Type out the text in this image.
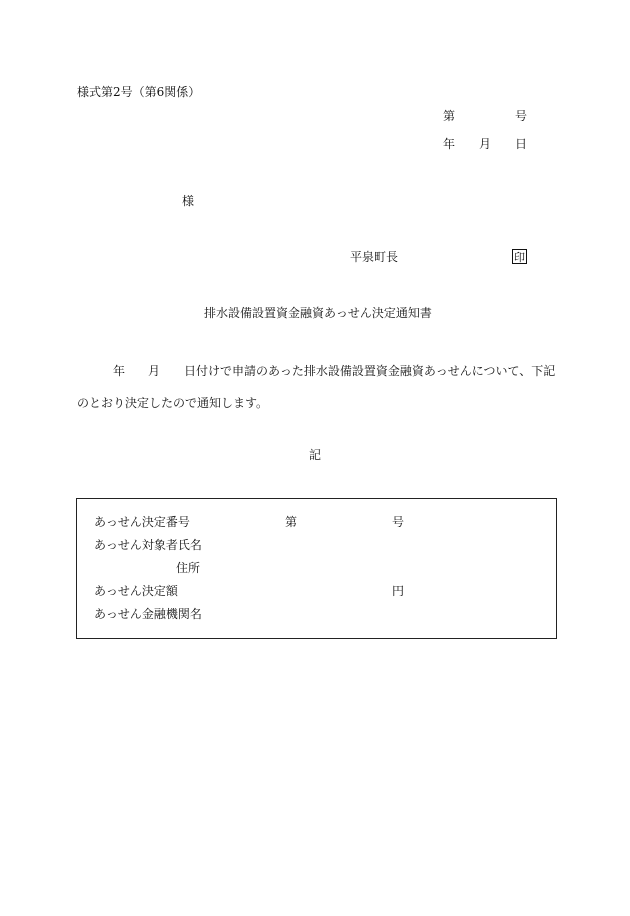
様式第2号（第6関係）
第	号
年 月 日
様
平泉町長	印
排水設備設置資金融資あっせん決定通知書
年 月 日付けで申請のあった排水設備設置資金融資あっせんについて、下記
のとおり決定したので通知します。
記
あっせん決定番号	第	号
あっせん対象者氏名
住所
あっせん決定額	円
あっせん金融機関名
